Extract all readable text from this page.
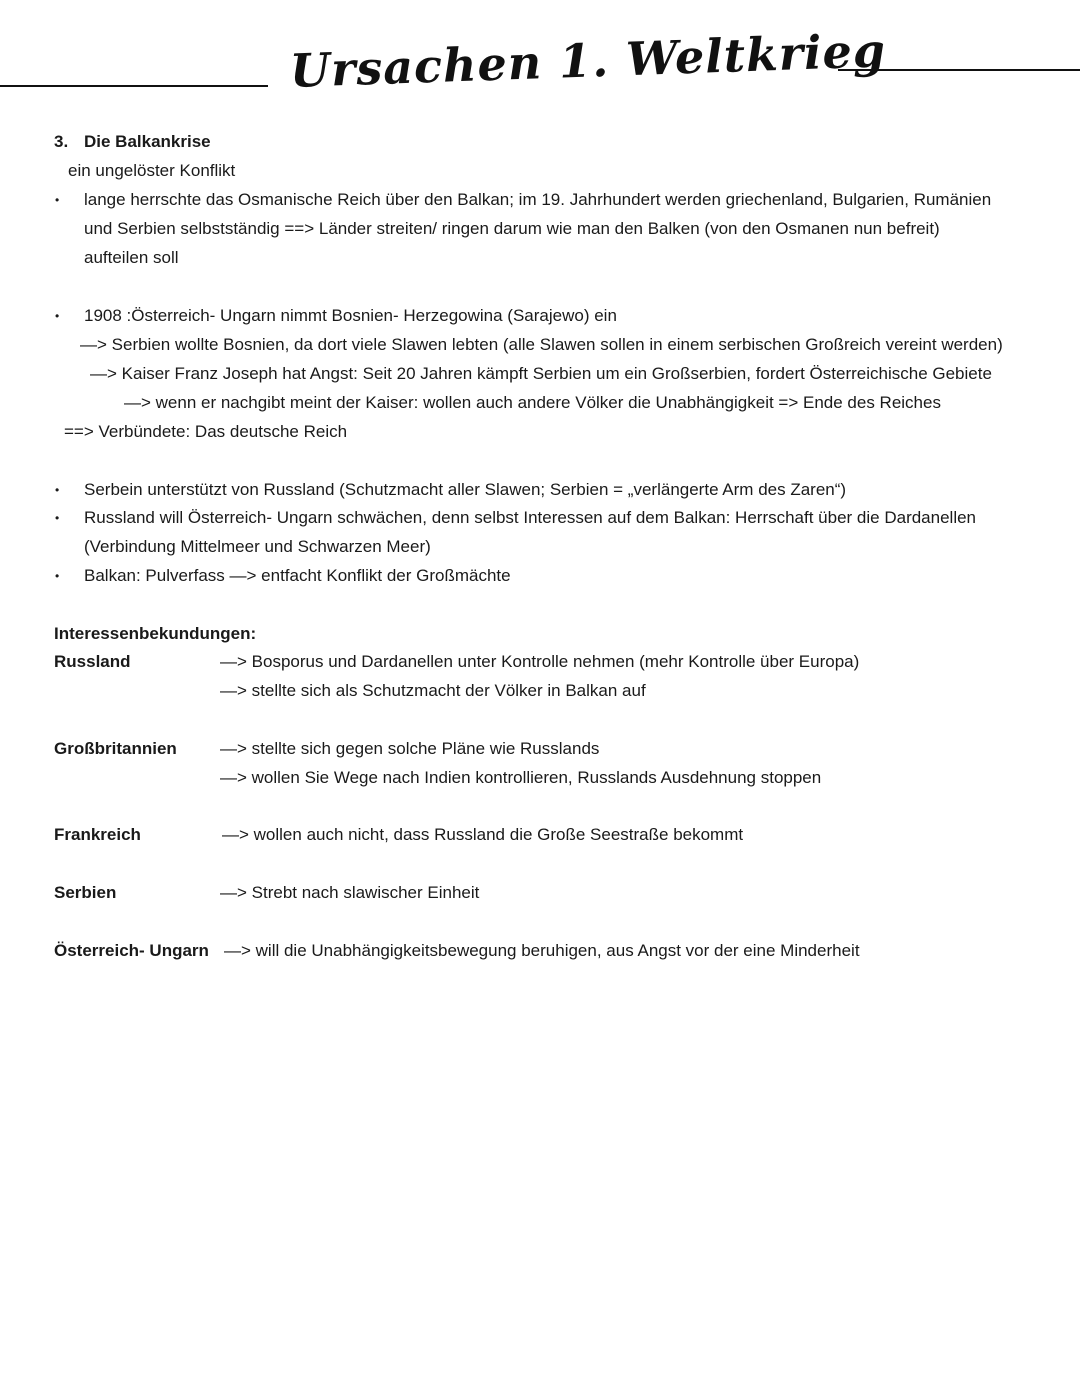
Ursachen 1. Weltkrieg
3. Die Balkankrise
ein ungelöster Konflikt
• lange herrschte das Osmanische Reich über den Balkan; im 19. Jahrhundert werden griechenland, Bulgarien, Rumänien
und Serbien selbstständig ==> Länder streiten/ ringen darum wie man den Balken (von den Osmanen nun befreit)
aufteilen soll
• 1908 :Österreich- Ungarn nimmt Bosnien- Herzegowina (Sarajewo) ein
—> Serbien wollte Bosnien, da dort viele Slawen lebten (alle Slawen sollen in einem serbischen Großreich vereint werden)
—> Kaiser Franz Joseph hat Angst: Seit 20 Jahren kämpft Serbien um ein Großserbien, fordert Österreichische Gebiete
—> wenn er nachgibt meint der Kaiser: wollen auch andere Völker die Unabhängigkeit => Ende des Reiches
==> Verbündete: Das deutsche Reich
• Serbein unterstützt von Russland (Schutzmacht aller Slawen; Serbien = „verlängerte Arm des Zaren“)
• Russland will Österreich- Ungarn schwächen, denn selbst Interessen auf dem Balkan: Herrschaft über die Dardanellen
(Verbindung Mittelmeer und Schwarzen Meer)
• Balkan: Pulverfass —> entfacht Konflikt der Großmächte
Interessenbekundungen:
Russland	—> Bosporus und Dardanellen unter Kontrolle nehmen (mehr Kontrolle über Europa)
—> stellte sich als Schutzmacht der Völker in Balkan auf
Großbritannien	—> stellte sich gegen solche Pläne wie Russlands
—> wollen Sie Wege nach Indien kontrollieren, Russlands Ausdehnung stoppen
Frankreich	—> wollen auch nicht, dass Russland die Große Seestraße bekommt
Serbien	—> Strebt nach slawischer Einheit
Österreich- Ungarn —> will die Unabhängigkeitsbewegung beruhigen, aus Angst vor der eine Minderheit
